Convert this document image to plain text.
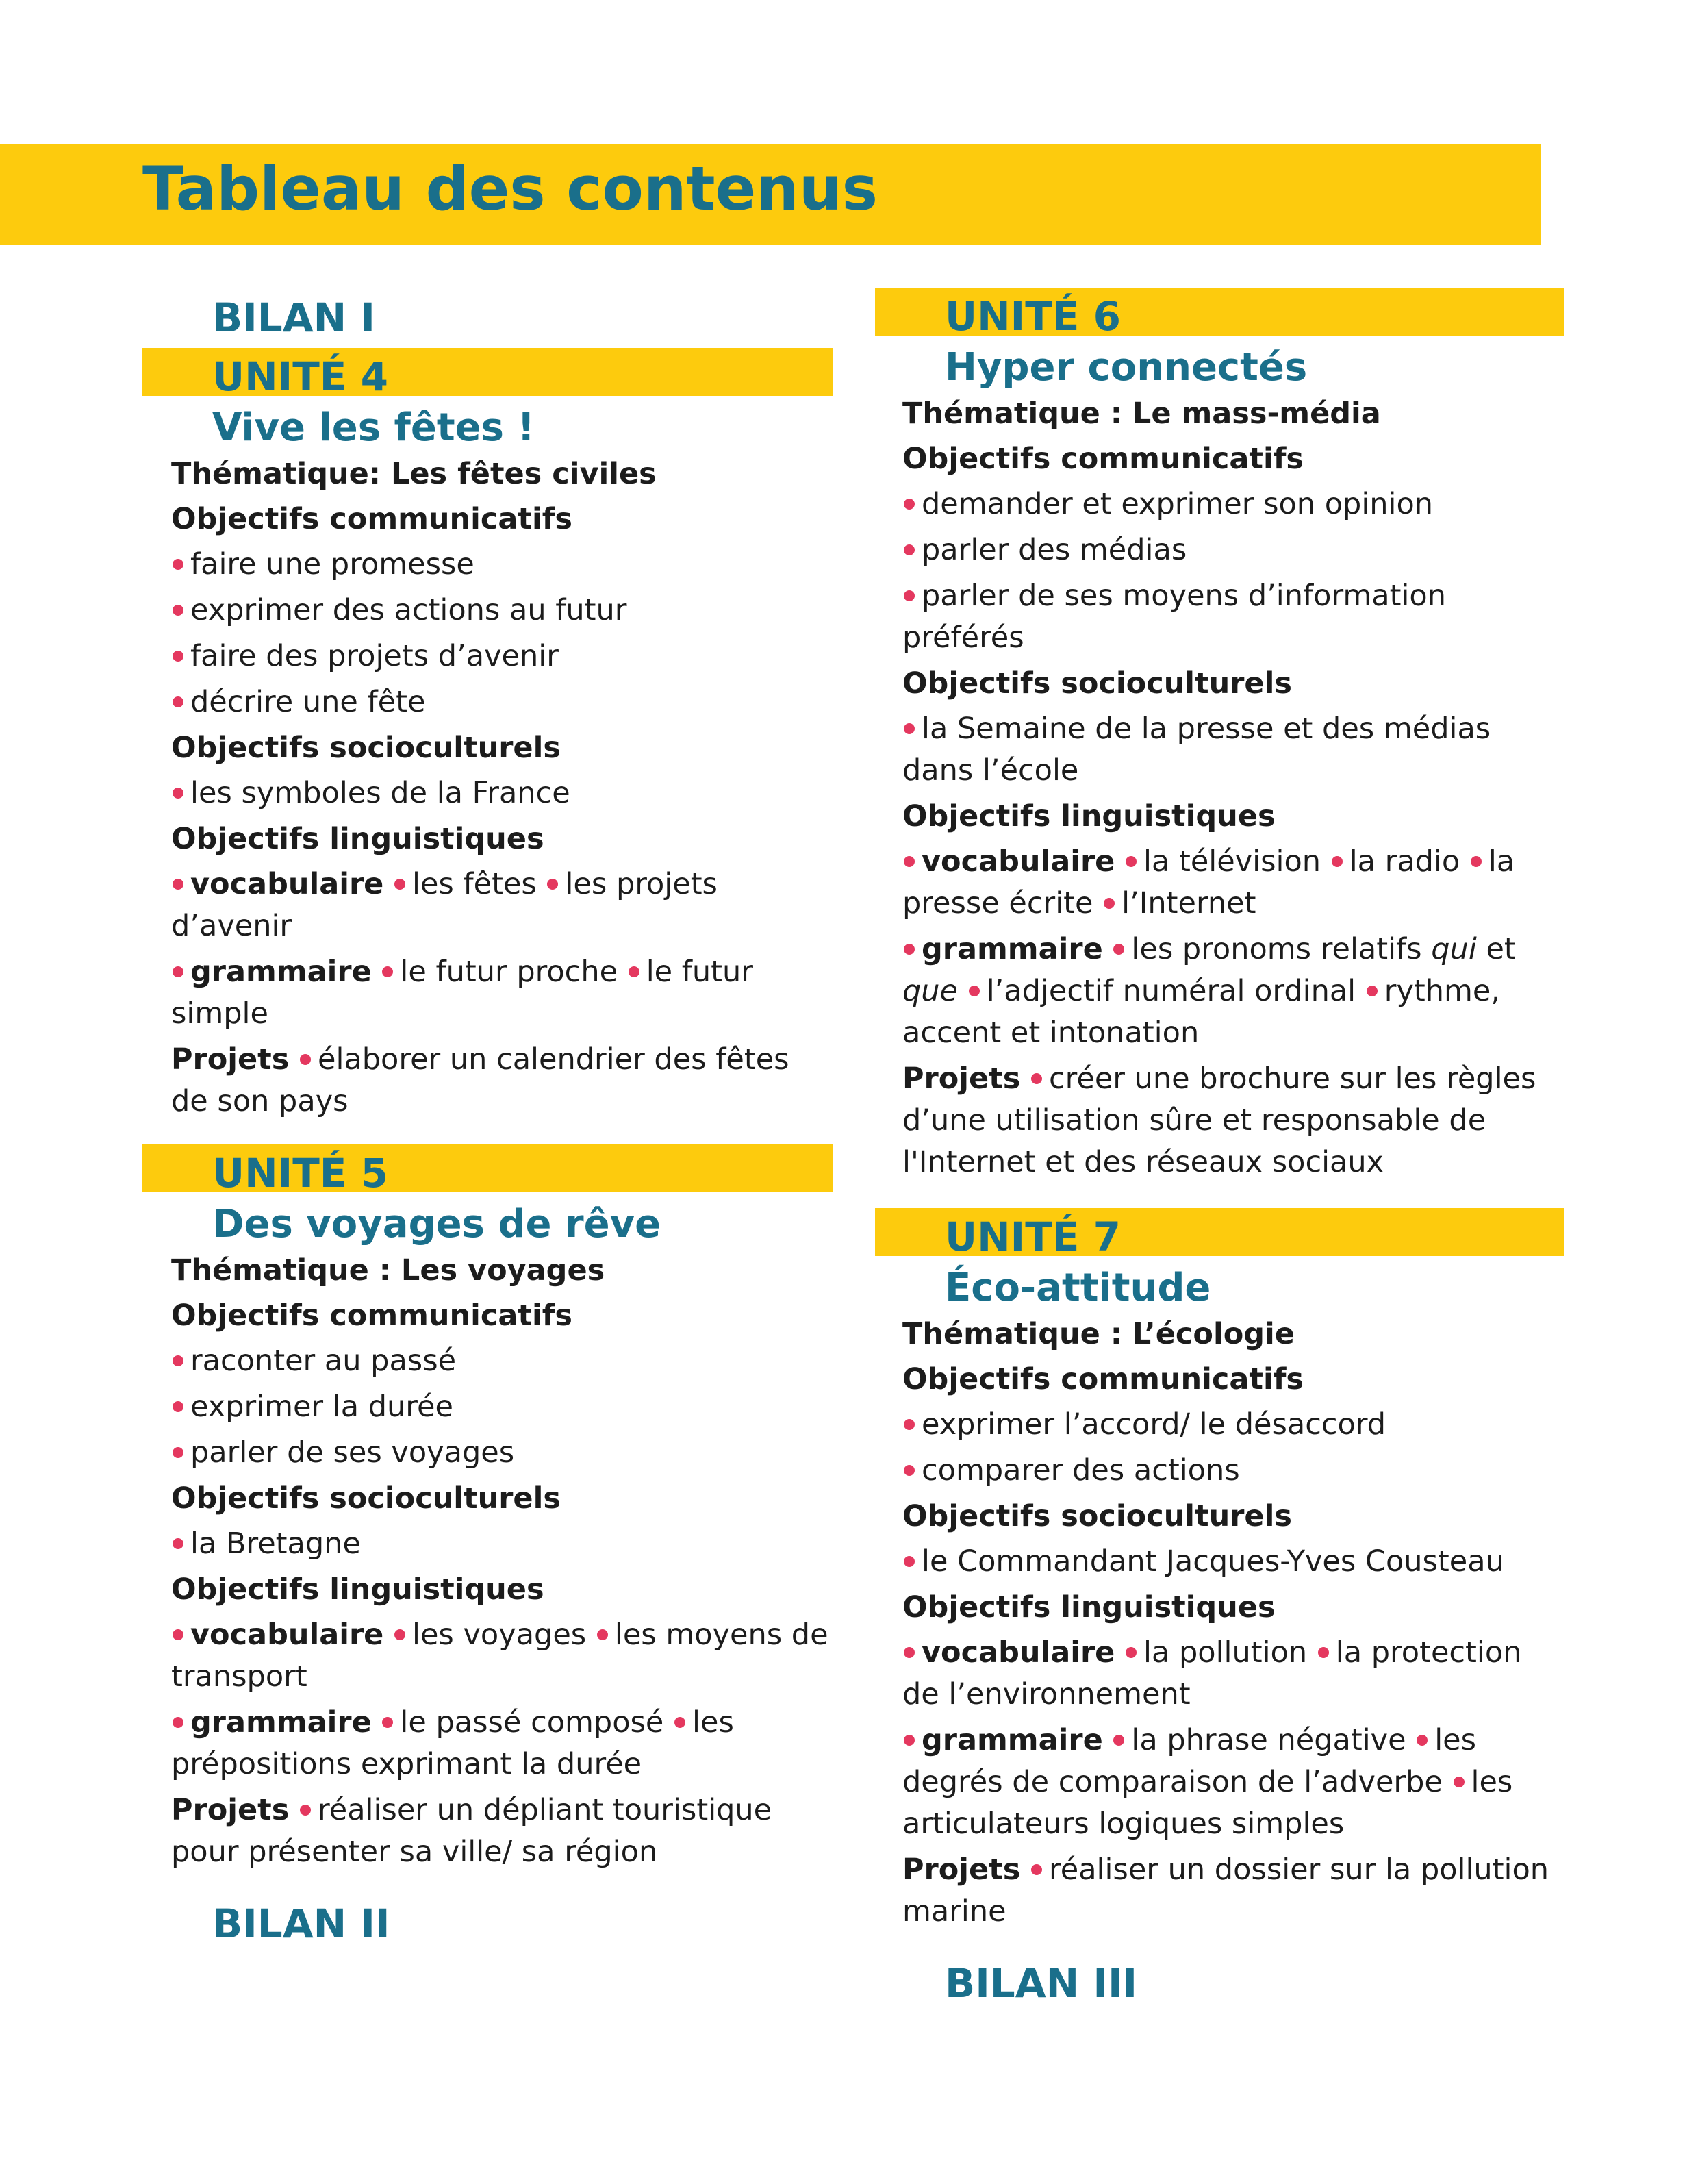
Tableau des contenus

BILAN I

UNITÉ 4

Vive les fêtes !

Thématique: Les fêtes civiles

Objectifs communicatifs

faire une promesse

exprimer des actions au futur

faire des projets d’avenir

décrire une fête

Objectifs socioculturels

les symboles de la France

Objectifs linguistiques

vocabulaire les fêtes les projets d’avenir

grammaire le futur proche le futur simple

Projets élaborer un calendrier des fêtes de son pays

UNITÉ 5

Des voyages de rêve

Thématique : Les voyages

Objectifs communicatifs

raconter au passé

exprimer la durée

parler de ses voyages

Objectifs socioculturels

la Bretagne

Objectifs linguistiques

vocabulaire les voyages les moyens de transport

grammaire le passé composé les prépositions exprimant la durée

Projets réaliser un dépliant touristique pour présenter sa ville/ sa région

BILAN II

UNITÉ 6

Hyper connectés

Thématique : Le mass-média

Objectifs communicatifs

demander et exprimer son opinion

parler des médias

parler de ses moyens d’information préférés

Objectifs socioculturels

la Semaine de la presse et des médias dans l’école

Objectifs linguistiques

vocabulaire la télévision la radio la presse écrite l’Internet

grammaire les pronoms relatifs qui et que l’adjectif numéral ordinal rythme, accent et intonation

Projets créer une brochure sur les règles d’une utilisation sûre et responsable de l'Internet et des réseaux sociaux

UNITÉ 7

Éco-attitude

Thématique : L’écologie

Objectifs communicatifs

exprimer l’accord/ le désaccord

comparer des actions

Objectifs socioculturels

le Commandant Jacques-Yves Cousteau

Objectifs linguistiques

vocabulaire la pollution la protection de l’environnement

grammaire la phrase négative les degrés de comparaison de l’adverbe les articulateurs logiques simples

Projets réaliser un dossier sur la pollution marine

BILAN III
